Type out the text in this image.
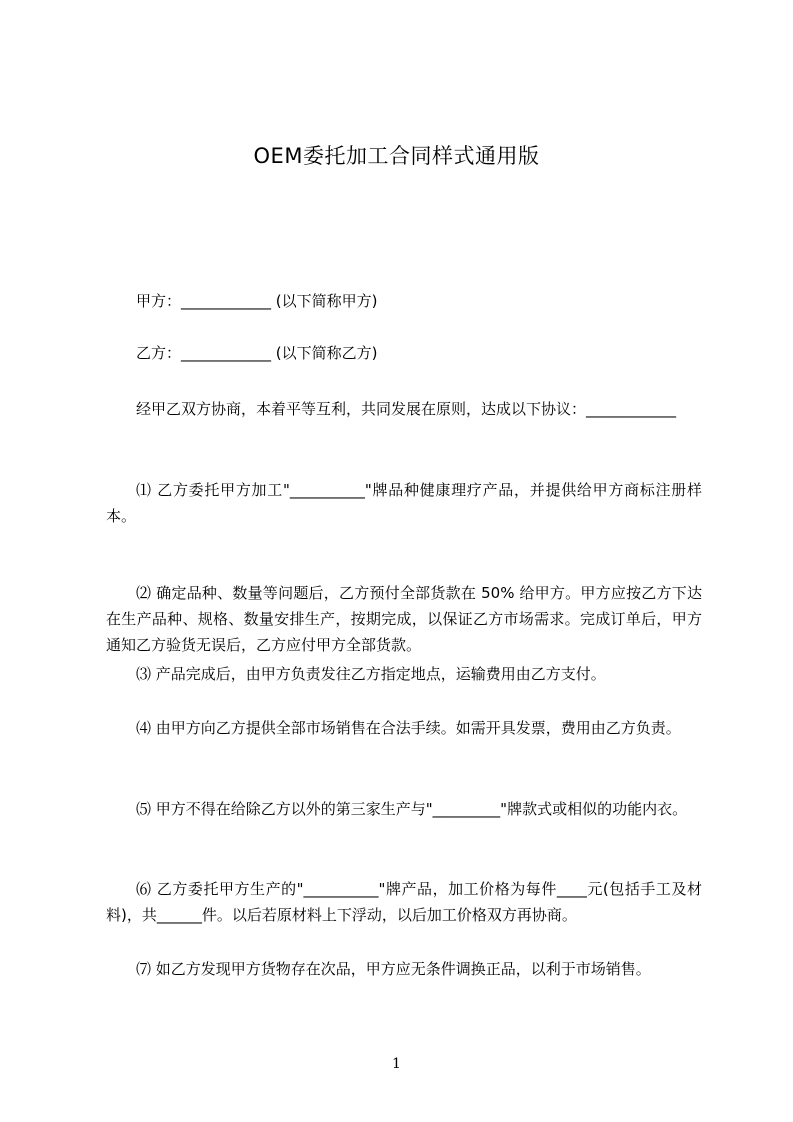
OEM委托加工合同样式通用版
甲方：____________ (以下简称甲方)
乙方：____________ (以下简称乙方)
经甲乙双方协商，本着平等互利，共同发展在原则，达成以下协议：____________
⑴ 乙方委托甲方加工"__________"牌品种健康理疗产品，并提供给甲方商标注册样本。
⑵ 确定品种、数量等问题后，乙方预付全部货款在 50% 给甲方。甲方应按乙方下达在生产品种、规格、数量安排生产，按期完成，以保证乙方市场需求。完成订单后，甲方通知乙方验货无误后，乙方应付甲方全部货款。
⑶ 产品完成后，由甲方负责发往乙方指定地点，运输费用由乙方支付。
⑷ 由甲方向乙方提供全部市场销售在合法手续。如需开具发票，费用由乙方负责。
⑸ 甲方不得在给除乙方以外的第三家生产与"_________"牌款式或相似的功能内衣。
⑹ 乙方委托甲方生产的"__________"牌产品，加工价格为每件____元(包括手工及材料)，共______件。以后若原材料上下浮动，以后加工价格双方再协商。
⑺ 如乙方发现甲方货物存在次品，甲方应无条件调换正品，以利于市场销售。
1
